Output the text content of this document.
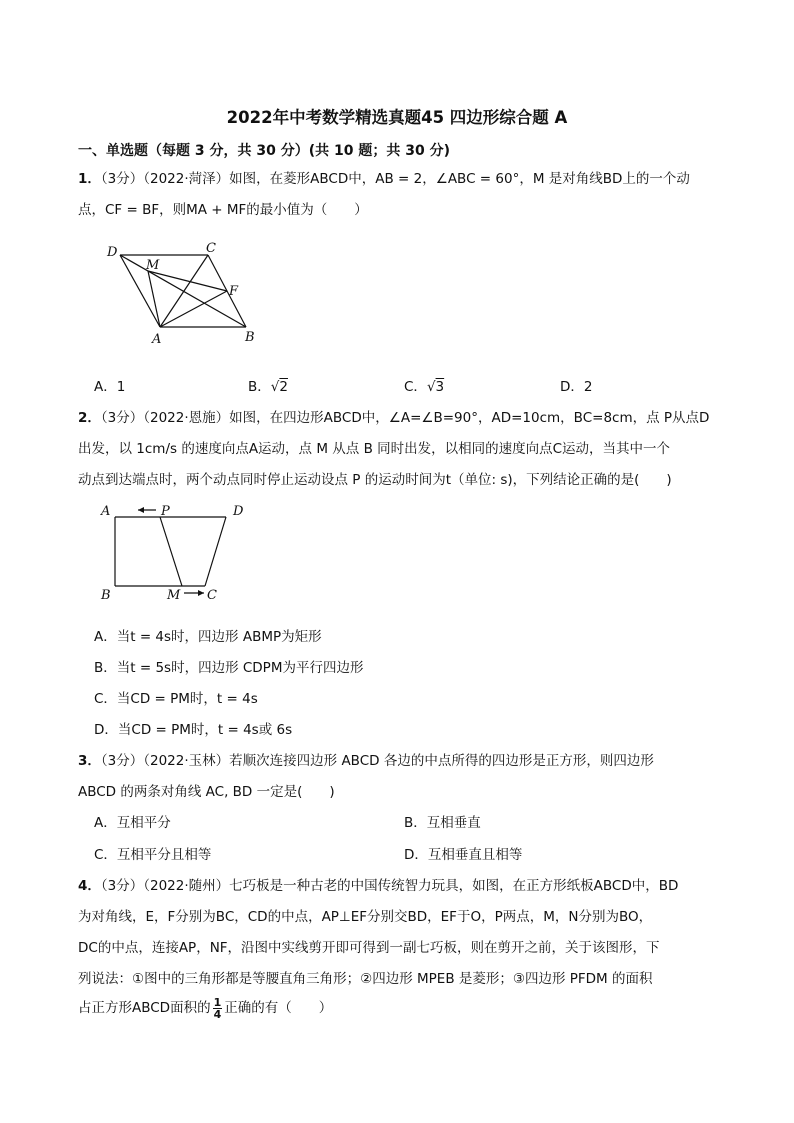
2022年中考数学精选真题45 四边形综合题 A
一、单选题（每题 3 分，共 30 分）(共 10 题；共 30 分)
1．（3分）（2022·菏泽）如图，在菱形ABCD中，AB = 2，∠ABC = 60°，M 是对角线BD上的一个动
点，CF = BF，则MA + MF的最小值为（　　）
D	C
M
F
A	B
A．1	B．√2	C．√3	D．2
2．（3分）（2022·恩施）如图，在四边形ABCD中，∠A=∠B=90°，AD=10cm，BC=8cm，点 P从点D
出发，以 1cm/s 的速度向点A运动，点 M 从点 B 同时出发，以相同的速度向点C运动，当其中一个
动点到达端点时，两个动点同时停止运动设点 P 的运动时间为t（单位: s)，下列结论正确的是(　　)
A	P	D
B	M C
A．当t = 4s时，四边形 ABMP为矩形
B．当t = 5s时，四边形 CDPM为平行四边形
C．当CD = PM时，t = 4s
D．当CD = PM时，t = 4s或 6s
3．（3分）（2022·玉林）若顺次连接四边形 ABCD 各边的中点所得的四边形是正方形，则四边形
ABCD 的两条对角线 AC, BD 一定是(　　)
A．互相平分	B．互相垂直
C．互相平分且相等	D．互相垂直且相等
4．（3分）（2022·随州）七巧板是一种古老的中国传统智力玩具，如图，在正方形纸板ABCD中，BD
为对角线，E，F分别为BC，CD的中点，AP⊥EF分别交BD，EF于O，P两点，M，N分别为BO，
DC的中点，连接AP，NF，沿图中实线剪开即可得到一副七巧板，则在剪开之前，关于该图形，下
列说法：①图中的三角形都是等腰直角三角形；②四边形 MPEB 是菱形；③四边形 PFDM 的面积
占正方形ABCD面积的 $\frac{1}{4}$ 正确的有（　　）
